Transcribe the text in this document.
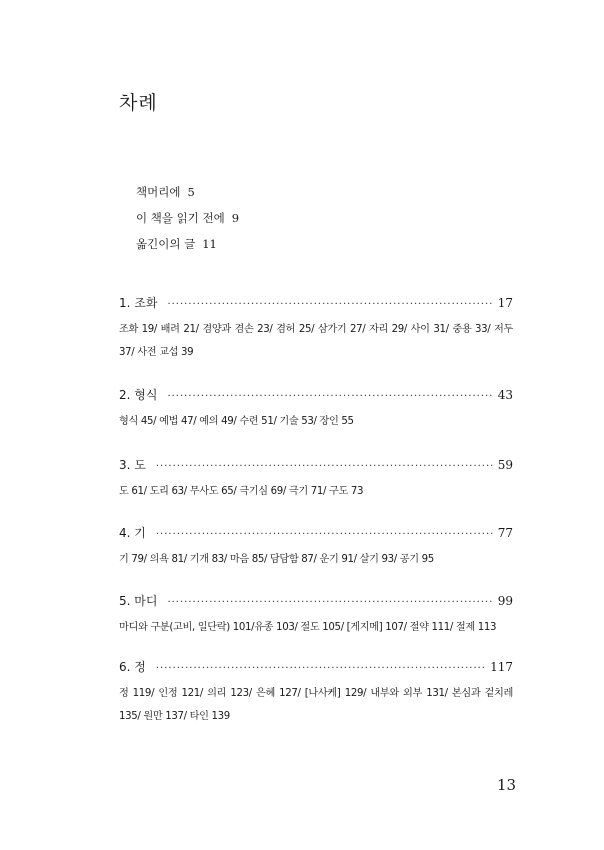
차례
책머리에 5
이 책을 읽기 전에 9
옮긴이의 글 11
1. 조화 ·····	17
조화 19/ 배려 21/ 겸양과 겸손 23/ 겸허 25/ 삼가기 27/ 자리 29/ 사이 31/ 중용 33/ 저두 37/ 사전 교섭 39
2. 형식 ·····	43
형식 45/ 예법 47/ 예의 49/ 수련 51/ 기술 53/ 장인 55
3. 도 ·····	59
도 61/ 도리 63/ 무사도 65/ 극기심 69/ 극기 71/ 구도 73
4. 기 ·····	77
기 79/ 의욕 81/ 기개 83/ 마음 85/ 담담함 87/ 운기 91/ 살기 93/ 공기 95
5. 마디 ·····	99
마디와 구분(고비, 일단락) 101/유종 103/ 절도 105/ [게지메] 107/ 절약 111/ 절제 113
6. 정 ·····	117
정 119/ 인정 121/ 의리 123/ 은혜 127/ [나사케] 129/ 내부와 외부 131/ 본심과 겉치레 135/ 원만 137/ 타인 139
13
